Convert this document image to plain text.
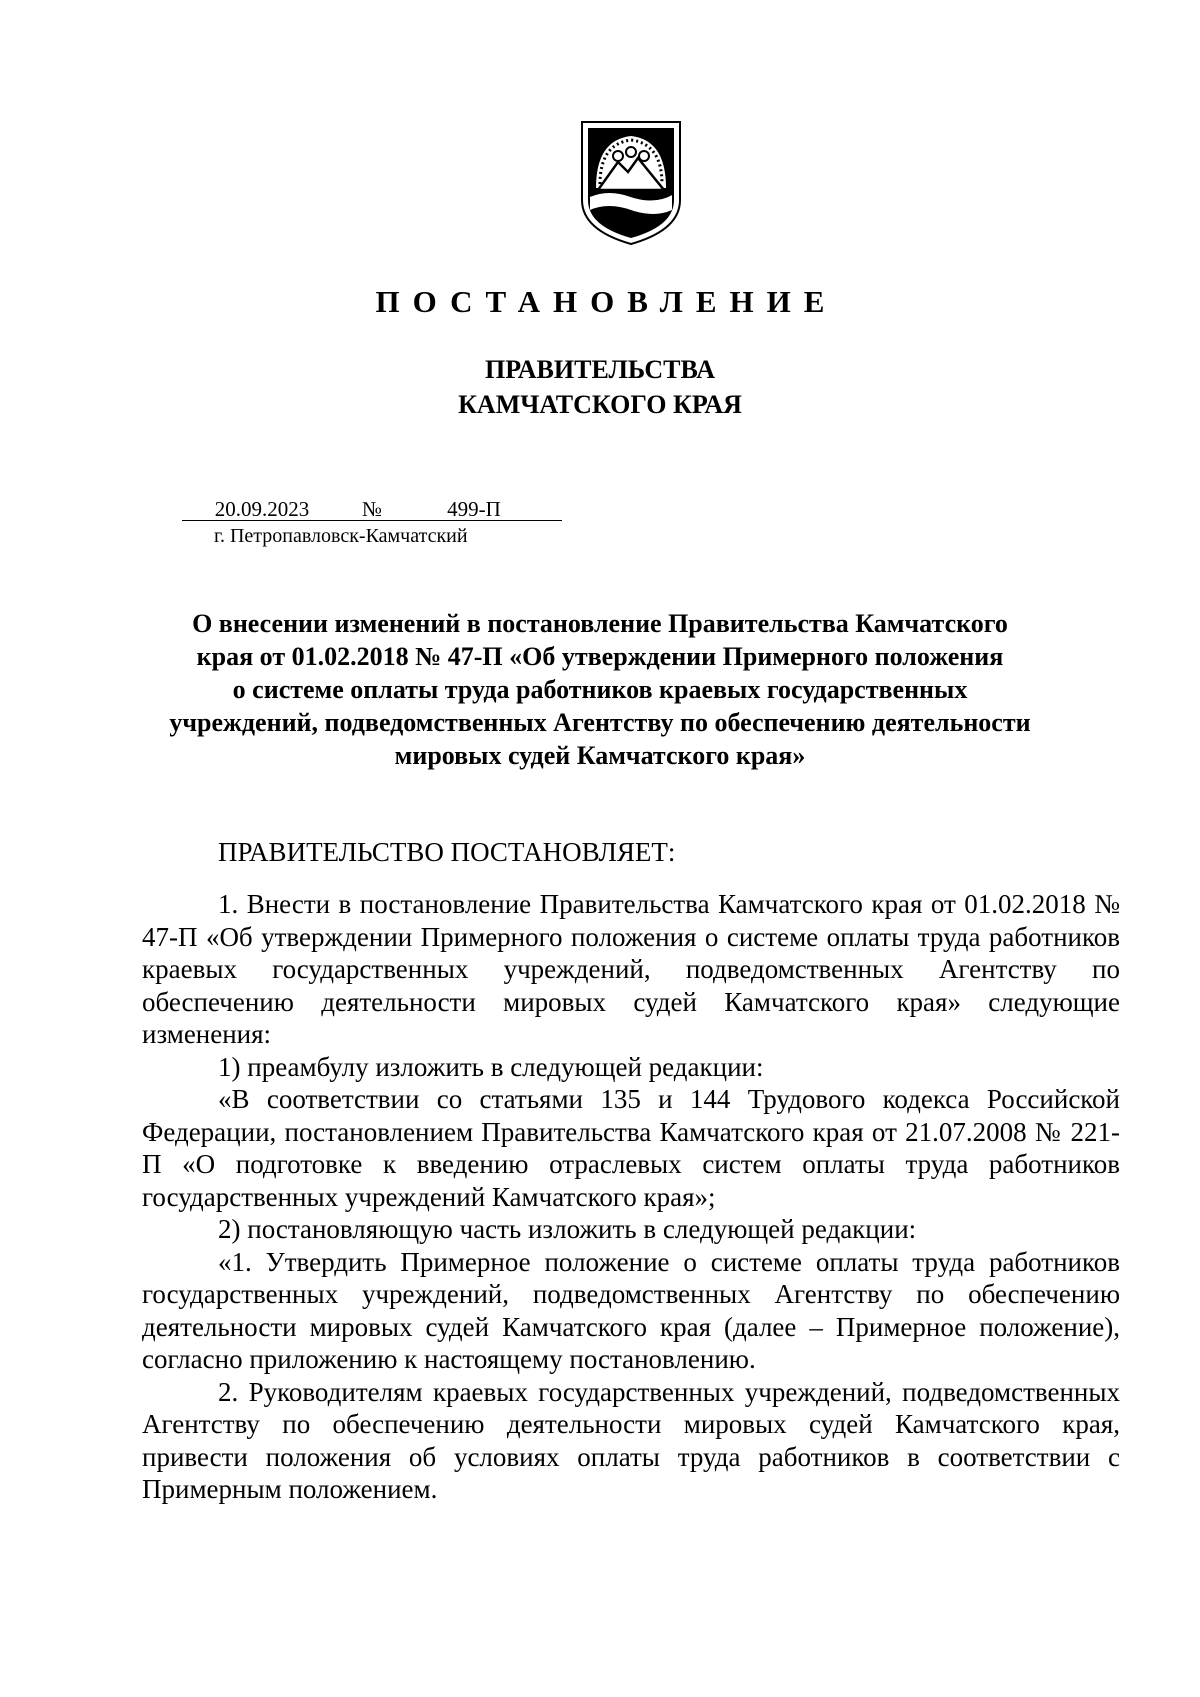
ПОСТАНОВЛЕНИЕ
ПРАВИТЕЛЬСТВА
КАМЧАТСКОГО КРАЯ
20.09.2023	№	499-П
г. Петропавловск-Камчатский
О внесении изменений в постановление Правительства Камчатского
края от 01.02.2018 № 47-П «Об утверждении Примерного положения
о системе оплаты труда работников краевых государственных
учреждений, подведомственных Агентству по обеспечению деятельности
мировых судей Камчатского края»
ПРАВИТЕЛЬСТВО ПОСТАНОВЛЯЕТ:

1. Внести в постановление Правительства Камчатского края от 01.02.2018 № 47-П «Об утверждении Примерного положения о системе оплаты труда работников краевых государственных учреждений, подведомственных Агентству по обеспечению деятельности мировых судей Камчатского края» следующие изменения:

1) преамбулу изложить в следующей редакции:

«В соответствии со статьями 135 и 144 Трудового кодекса Российской Федерации, постановлением Правительства Камчатского края от 21.07.2008 № 221-П «О подготовке к введению отраслевых систем оплаты труда работников государственных учреждений Камчатского края»;

2) постановляющую часть изложить в следующей редакции:

«1. Утвердить Примерное положение о системе оплаты труда работников государственных учреждений, подведомственных Агентству по обеспечению деятельности мировых судей Камчатского края (далее – Примерное положение), согласно приложению к настоящему постановлению.

2. Руководителям краевых государственных учреждений, подведомственных Агентству по обеспечению деятельности мировых судей Камчатского края, привести положения об условиях оплаты труда работников в соответствии с Примерным положением.
